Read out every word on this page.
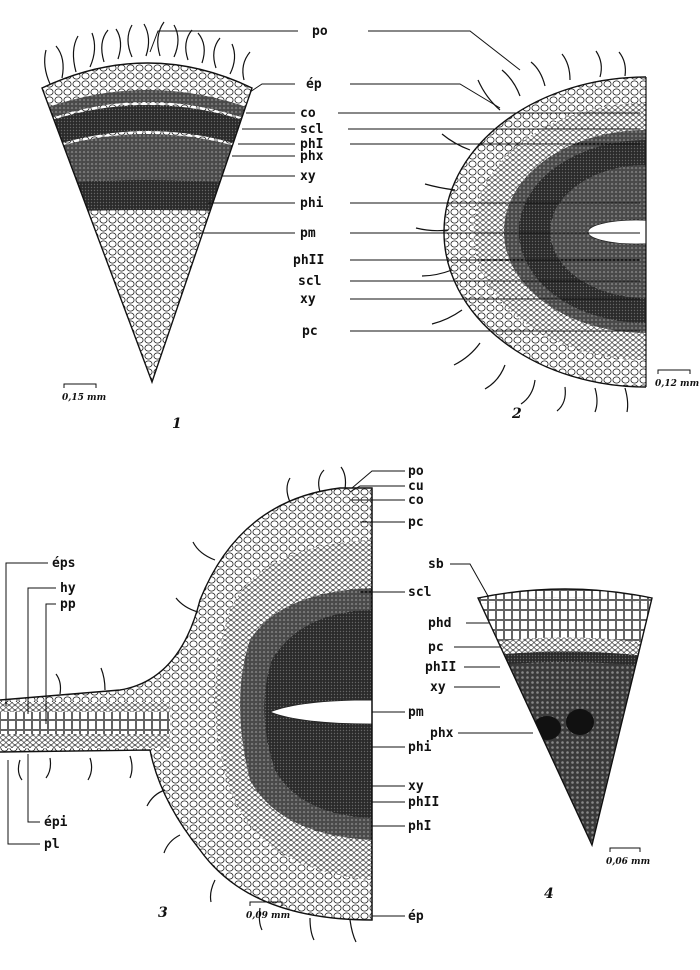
po
ép
co
scl
phI
phx
xy
phi
pm
phII
scl
xy
pc
0,15 mm
0,12 mm
1
2
po
cu
co
pc
scl
pm
phi
xy
phII
phI
ép
éps
hy
pp
épi
pl
0,09 mm
3
sb
phd
pc
phII
xy
phx
0,06 mm
4
